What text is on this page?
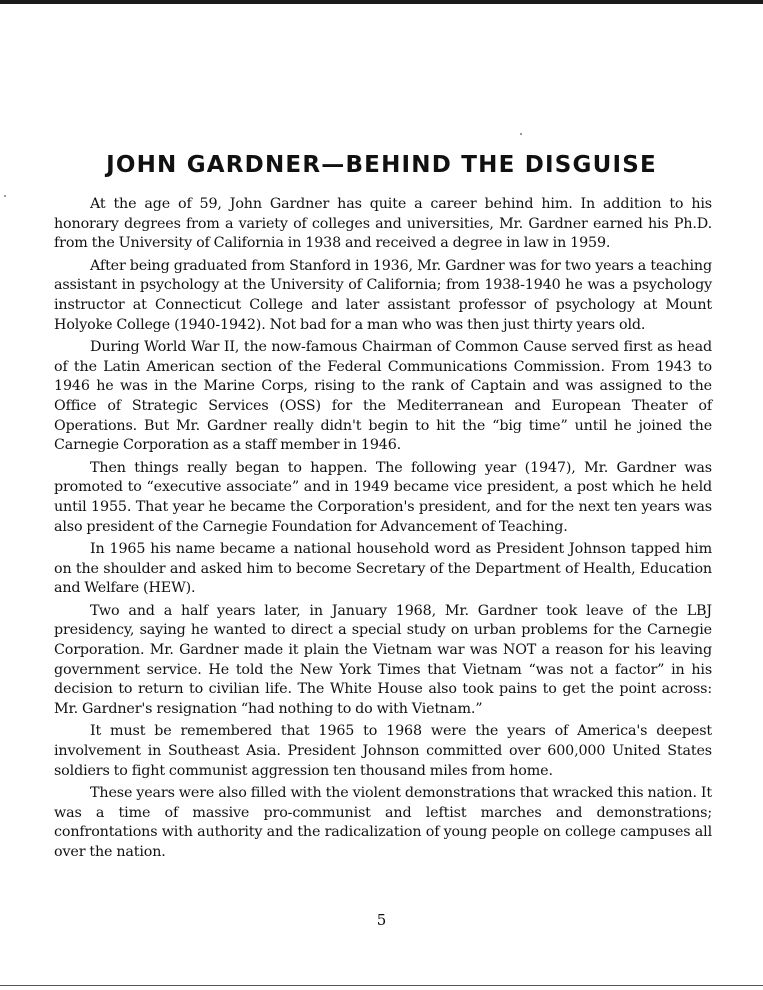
JOHN GARDNER—BEHIND THE DISGUISE

At the age of 59, John Gardner has quite a career behind him. In addition to his honorary degrees from a variety of colleges and universities, Mr. Gardner earned his Ph.D. from the University of California in 1938 and received a degree in law in 1959.

After being graduated from Stanford in 1936, Mr. Gardner was for two years a teaching assistant in psychology at the University of California; from 1938-1940 he was a psychology instructor at Connecticut College and later assistant professor of psychology at Mount Holyoke College (1940-1942). Not bad for a man who was then just thirty years old.

During World War II, the now-famous Chairman of Common Cause served first as head of the Latin American section of the Federal Communications Commission. From 1943 to 1946 he was in the Marine Corps, rising to the rank of Captain and was assigned to the Office of Strategic Services (OSS) for the Mediterranean and European Theater of Operations. But Mr. Gardner really didn't begin to hit the “big time” until he joined the Carnegie Corporation as a staff member in 1946.

Then things really began to happen. The following year (1947), Mr. Gardner was promoted to “executive associate” and in 1949 became vice president, a post which he held until 1955. That year he became the Corporation's president, and for the next ten years was also president of the Carnegie Foundation for Advancement of Teaching.

In 1965 his name became a national household word as President Johnson tapped him on the shoulder and asked him to become Secretary of the Department of Health, Education and Welfare (HEW).

Two and a half years later, in January 1968, Mr. Gardner took leave of the LBJ presidency, saying he wanted to direct a special study on urban problems for the Carnegie Corporation. Mr. Gardner made it plain the Vietnam war was NOT a reason for his leaving government service. He told the New York Times that Vietnam “was not a factor” in his decision to return to civilian life. The White House also took pains to get the point across: Mr. Gardner's resignation “had nothing to do with Vietnam.”

It must be remembered that 1965 to 1968 were the years of America's deepest involvement in Southeast Asia. President Johnson committed over 600,000 United States soldiers to fight communist aggression ten thousand miles from home.

These years were also filled with the violent demonstrations that wracked this nation. It was a time of massive pro-communist and leftist marches and demonstrations; confrontations with authority and the radicalization of young people on college campuses all over the nation.

5
